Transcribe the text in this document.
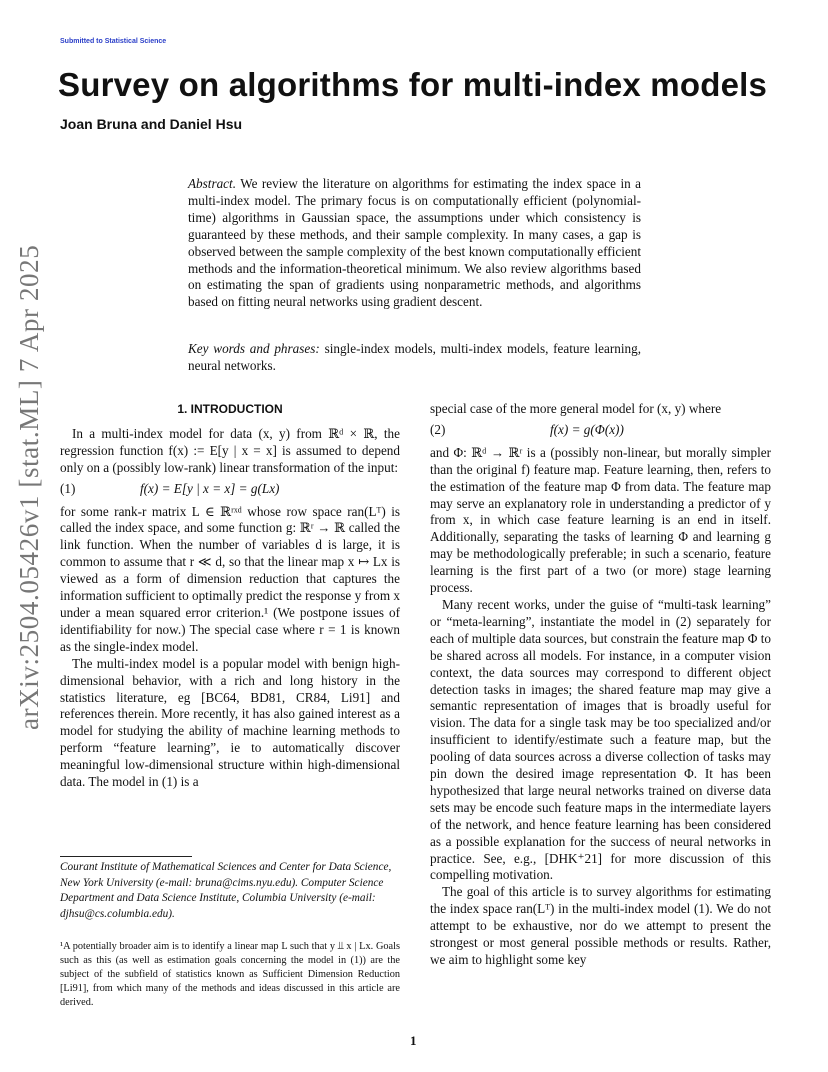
Submitted to Statistical Science
Survey on algorithms for multi-index models
Joan Bruna and Daniel Hsu
arXiv:2504.05426v1 [stat.ML] 7 Apr 2025
Abstract. We review the literature on algorithms for estimating the index space in a multi-index model. The primary focus is on computationally efficient (polynomial-time) algorithms in Gaussian space, the assumptions under which consistency is guaranteed by these methods, and their sample complexity. In many cases, a gap is observed between the sample complexity of the best known computationally efficient methods and the information-theoretical minimum. We also review algorithms based on estimating the span of gradients using nonparametric methods, and algorithms based on fitting neural networks using gradient descent.
Key words and phrases: single-index models, multi-index models, feature learning, neural networks.
1. INTRODUCTION

In a multi-index model for data (x, y) from ℝᵈ × ℝ, the regression function f(x) := E[y | x = x] is assumed to depend only on a (possibly low-rank) linear transformation of the input:

(1)	f(x) = E[y | x = x] = g(Lx)

for some rank-r matrix L ∈ ℝʳˣᵈ whose row space ran(Lᵀ) is called the index space, and some function g: ℝʳ → ℝ called the link function. When the number of variables d is large, it is common to assume that r ≪ d, so that the linear map x ↦ Lx is viewed as a form of dimension reduction that captures the information sufficient to optimally predict the response y from x under a mean squared error criterion.¹ (We postpone issues of identifiability for now.) The special case where r = 1 is known as the single-index model.

The multi-index model is a popular model with benign high-dimensional behavior, with a rich and long history in the statistics literature, eg [BC64, BD81, CR84, Li91] and references therein. More recently, it has also gained interest as a model for studying the ability of machine learning methods to perform “feature learning”, ie to automatically discover meaningful low-dimensional structure within high-dimensional data. The model in (1) is a

special case of the more general model for (x, y) where

(2)	f(x) = g(Φ(x))

and Φ: ℝᵈ → ℝʳ is a (possibly non-linear, but morally simpler than the original f) feature map. Feature learning, then, refers to the estimation of the feature map Φ from data. The feature map may serve an explanatory role in understanding a predictor of y from x, in which case feature learning is an end in itself. Additionally, separating the tasks of learning Φ and learning g may be methodologically preferable; in such a scenario, feature learning is the first part of a two (or more) stage learning process.

Many recent works, under the guise of “multi-task learning” or “meta-learning”, instantiate the model in (2) separately for each of multiple data sources, but constrain the feature map Φ to be shared across all models. For instance, in a computer vision context, the data sources may correspond to different object detection tasks in images; the shared feature map may give a semantic representation of images that is broadly useful for vision. The data for a single task may be too specialized and/or insufficient to identify/estimate such a feature map, but the pooling of data sources across a diverse collection of tasks may pin down the desired image representation Φ. It has been hypothesized that large neural networks trained on diverse data sets may be encode such feature maps in the intermediate layers of the network, and hence feature learning has been considered as a possible explanation for the success of neural networks in practice. See, e.g., [DHK⁺21] for more discussion of this compelling motivation.

The goal of this article is to survey algorithms for estimating the index space ran(Lᵀ) in the multi-index model (1). We do not attempt to be exhaustive, nor do we attempt to present the strongest or most general possible methods or results. Rather, we aim to highlight some key

Courant Institute of Mathematical Sciences and Center for Data Science, New York University (e-mail: bruna@cims.nyu.edu). Computer Science Department and Data Science Institute, Columbia University (e-mail: djhsu@cs.columbia.edu).
¹A potentially broader aim is to identify a linear map L such that y ⫫ x | Lx. Goals such as this (as well as estimation goals concerning the model in (1)) are the subject of the subfield of statistics known as Sufficient Dimension Reduction [Li91], from which many of the methods and ideas discussed in this article are derived.
1
